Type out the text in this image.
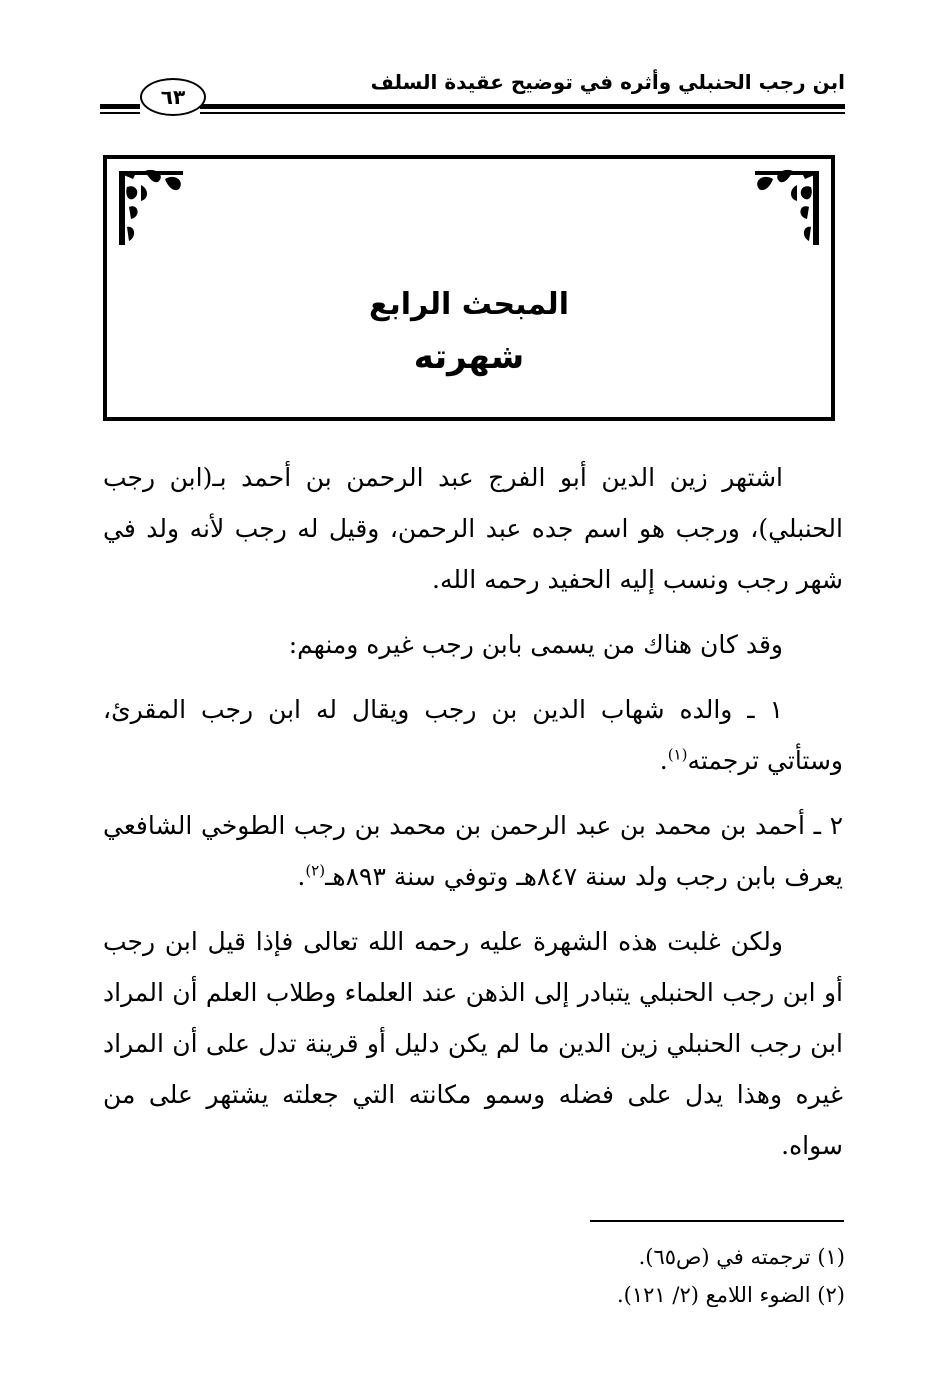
ابن رجب الحنبلي وأثره في توضيح عقيدة السلف
٦٣
المبحث الرابع
شهرته

اشتهر زين الدين أبو الفرج عبد الرحمن بن أحمد بـ(ابن رجب الحنبلي)، ورجب هو اسم جده عبد الرحمن، وقيل له رجب لأنه ولد في شهر رجب ونسب إليه الحفيد رحمه الله.

وقد كان هناك من يسمى بابن رجب غيره ومنهم:

١ ـ والده شهاب الدين بن رجب ويقال له ابن رجب المقرئ، وستأتي ترجمته$^{(١)}$.

٢ ـ أحمد بن محمد بن عبد الرحمن بن محمد بن رجب الطوخي الشافعي يعرف بابن رجب ولد سنة ٨٤٧هـ وتوفي سنة ٨٩٣هـ$^{(٢)}$.

ولكن غلبت هذه الشهرة عليه رحمه الله تعالى فإذا قيل ابن رجب أو ابن رجب الحنبلي يتبادر إلى الذهن عند العلماء وطلاب العلم أن المراد ابن رجب الحنبلي زين الدين ما لم يكن دليل أو قرينة تدل على أن المراد غيره وهذا يدل على فضله وسمو مكانته التي جعلته يشتهر على من سواه.

(١) ترجمته في (ص٦٥).
(٢) الضوء اللامع (٢/ ١٢١).
